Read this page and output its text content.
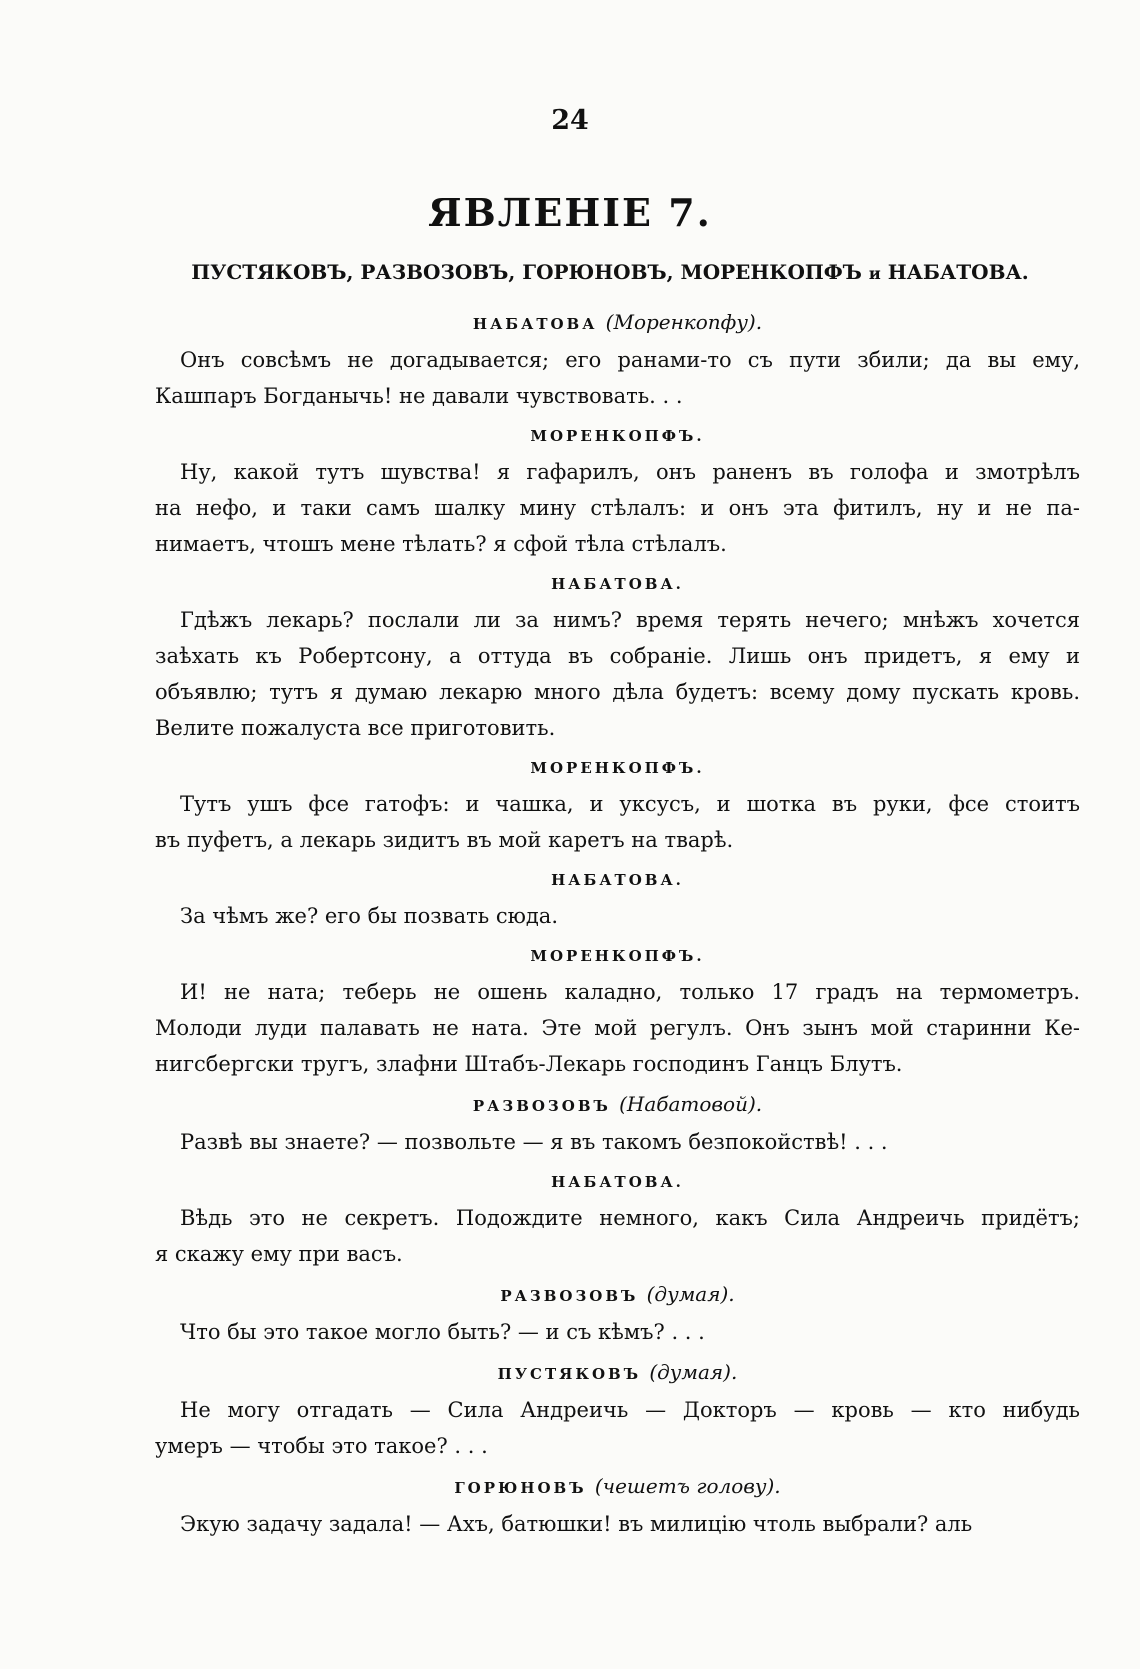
24
ЯВЛЕНІЕ 7.
ПУСТЯКОВЪ, РАЗВОЗОВЪ, ГОРЮНОВЪ, МОРЕНКОПФЪ и НАБАТОВА.
НАБАТОВА (Моренкопфу).
Онъ совсѣмъ не догадывается; его ранами-то съ пути збили; да вы ему,
Кашпаръ Богданычь! не давали чувствовать. . .
МОРЕНКОПФЪ.
Ну, какой тутъ шувства! я гафарилъ, онъ раненъ въ голофа и змотрѣлъ
на нефо, и таки самъ шалку мину стѣлалъ: и онъ эта фитилъ, ну и не па-
нимаетъ, чтошъ мене тѣлать? я сфой тѣла стѣлалъ.
НАБАТОВА.
Гдѣжъ лекарь? послали ли за нимъ? время терять нечего; мнѣжъ хочется
заѣхать къ Робертсону, а оттуда въ собраніе. Лишь онъ придетъ, я ему и
объявлю; тутъ я думаю лекарю много дѣла будетъ: всему дому пускать кровь.
Велите пожалуста все приготовить.
МОРЕНКОПФЪ.
Тутъ ушъ фсе гатофъ: и чашка, и уксусъ, и шотка въ руки, фсе стоитъ
въ пуфетъ, а лекарь зидитъ въ мой каретъ на тварѣ.
НАБАТОВА.
За чѣмъ же? его бы позвать сюда.
МОРЕНКОПФЪ.
И! не ната; теберь не ошень каладно, только 17 градъ на термометръ.
Молоди луди палавать не ната. Эте мой регулъ. Онъ зынъ мой старинни Ке-
нигсбергски тругъ, злафни Штабъ-Лекарь господинъ Ганцъ Блутъ.
РАЗВОЗОВЪ (Набатовой).
Развѣ вы знаете? — позвольте — я въ такомъ безпокойствѣ! . . .
НАБАТОВА.
Вѣдь это не секретъ. Подождите немного, какъ Сила Андреичь придётъ;
я скажу ему при васъ.
РАЗВОЗОВЪ (думая).
Что бы это такое могло быть? — и съ кѣмъ? . . .
ПУСТЯКОВЪ (думая).
Не могу отгадать — Сила Андреичь — Докторъ — кровь — кто нибудь
умеръ — чтобы это такое? . . .
ГОРЮНОВЪ (чешетъ голову).
Экую задачу задала! — Ахъ, батюшки! въ милицію чтоль выбрали? аль
